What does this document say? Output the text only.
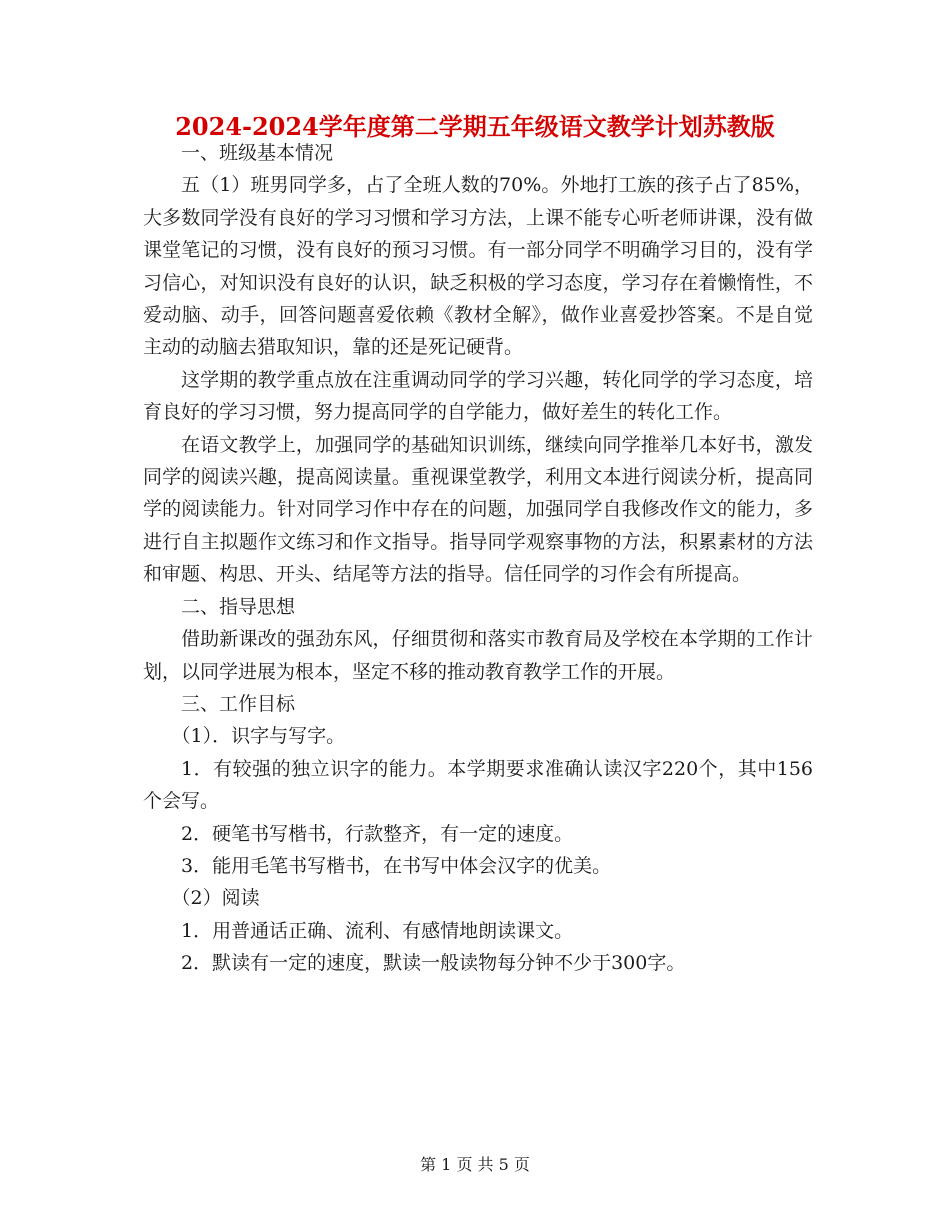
2024-2024学年度第二学期五年级语文教学计划苏教版

一、班级基本情况

五（1）班男同学多，占了全班人数的70%。外地打工族的孩子占了85%，大多数同学没有良好的学习习惯和学习方法，上课不能专心听老师讲课，没有做课堂笔记的习惯，没有良好的预习习惯。有一部分同学不明确学习目的，没有学习信心，对知识没有良好的认识，缺乏积极的学习态度，学习存在着懒惰性，不爱动脑、动手，回答问题喜爱依赖《教材全解》，做作业喜爱抄答案。不是自觉主动的动脑去猎取知识，靠的还是死记硬背。

这学期的教学重点放在注重调动同学的学习兴趣，转化同学的学习态度，培育良好的学习习惯，努力提高同学的自学能力，做好差生的转化工作。

在语文教学上，加强同学的基础知识训练，继续向同学推举几本好书，激发同学的阅读兴趣，提高阅读量。重视课堂教学，利用文本进行阅读分析，提高同学的阅读能力。针对同学习作中存在的问题，加强同学自我修改作文的能力，多进行自主拟题作文练习和作文指导。指导同学观察事物的方法，积累素材的方法和审题、构思、开头、结尾等方法的指导。信任同学的习作会有所提高。

二、指导思想

借助新课改的强劲东风，仔细贯彻和落实市教育局及学校在本学期的工作计划，以同学进展为根本，坚定不移的推动教育教学工作的开展。

三、工作目标

（1）．识字与写字。

1．有较强的独立识字的能力。本学期要求准确认读汉字220个，其中156个会写。

2．硬笔书写楷书，行款整齐，有一定的速度。

3．能用毛笔书写楷书，在书写中体会汉字的优美。

（2）阅读

1．用普通话正确、流利、有感情地朗读课文。

2．默读有一定的速度，默读一般读物每分钟不少于300字。

第 1 页 共 5 页
